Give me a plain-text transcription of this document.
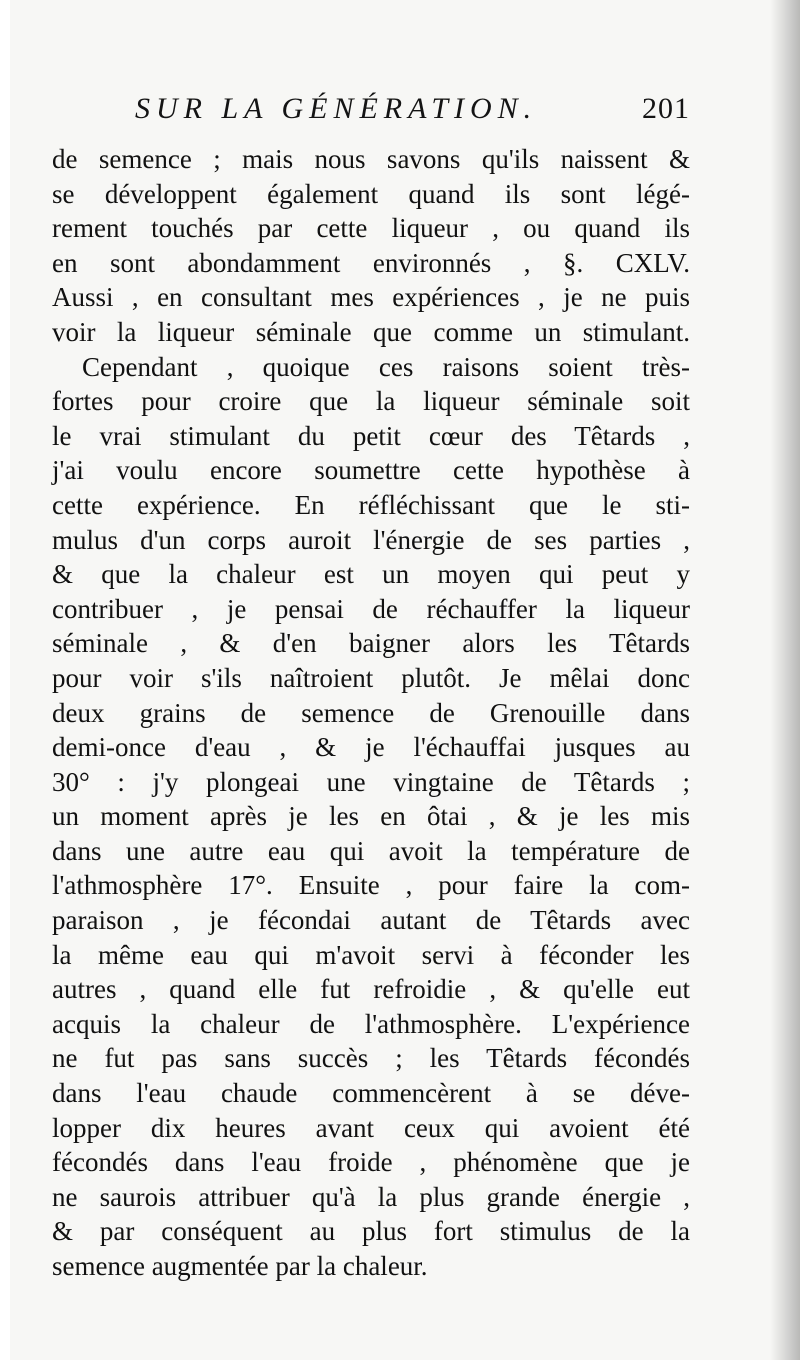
SUR LA GÉNÉRATION.	201
de semence ; mais nous savons qu'ils naissent &
se développent également quand ils sont légé-
rement touchés par cette liqueur , ou quand ils
en sont abondamment environnés , §. CXLV.
Aussi , en consultant mes expériences , je ne puis
voir la liqueur séminale que comme un stimulant.
Cependant , quoique ces raisons soient très-
fortes pour croire que la liqueur séminale soit
le vrai stimulant du petit cœur des Têtards ,
j'ai voulu encore soumettre cette hypothèse à
cette expérience. En réfléchissant que le sti-
mulus d'un corps auroit l'énergie de ses parties ,
& que la chaleur est un moyen qui peut y
contribuer , je pensai de réchauffer la liqueur
séminale , & d'en baigner alors les Têtards
pour voir s'ils naîtroient plutôt. Je mêlai donc
deux grains de semence de Grenouille dans
demi-once d'eau , & je l'échauffai jusques au
30° : j'y plongeai une vingtaine de Têtards ;
un moment après je les en ôtai , & je les mis
dans une autre eau qui avoit la température de
l'athmosphère 17°. Ensuite , pour faire la com-
paraison , je fécondai autant de Têtards avec
la même eau qui m'avoit servi à féconder les
autres , quand elle fut refroidie , & qu'elle eut
acquis la chaleur de l'athmosphère. L'expérience
ne fut pas sans succès ; les Têtards fécondés
dans l'eau chaude commencèrent à se déve-
lopper dix heures avant ceux qui avoient été
fécondés dans l'eau froide , phénomène que je
ne saurois attribuer qu'à la plus grande énergie ,
& par conséquent au plus fort stimulus de la
semence augmentée par la chaleur.
